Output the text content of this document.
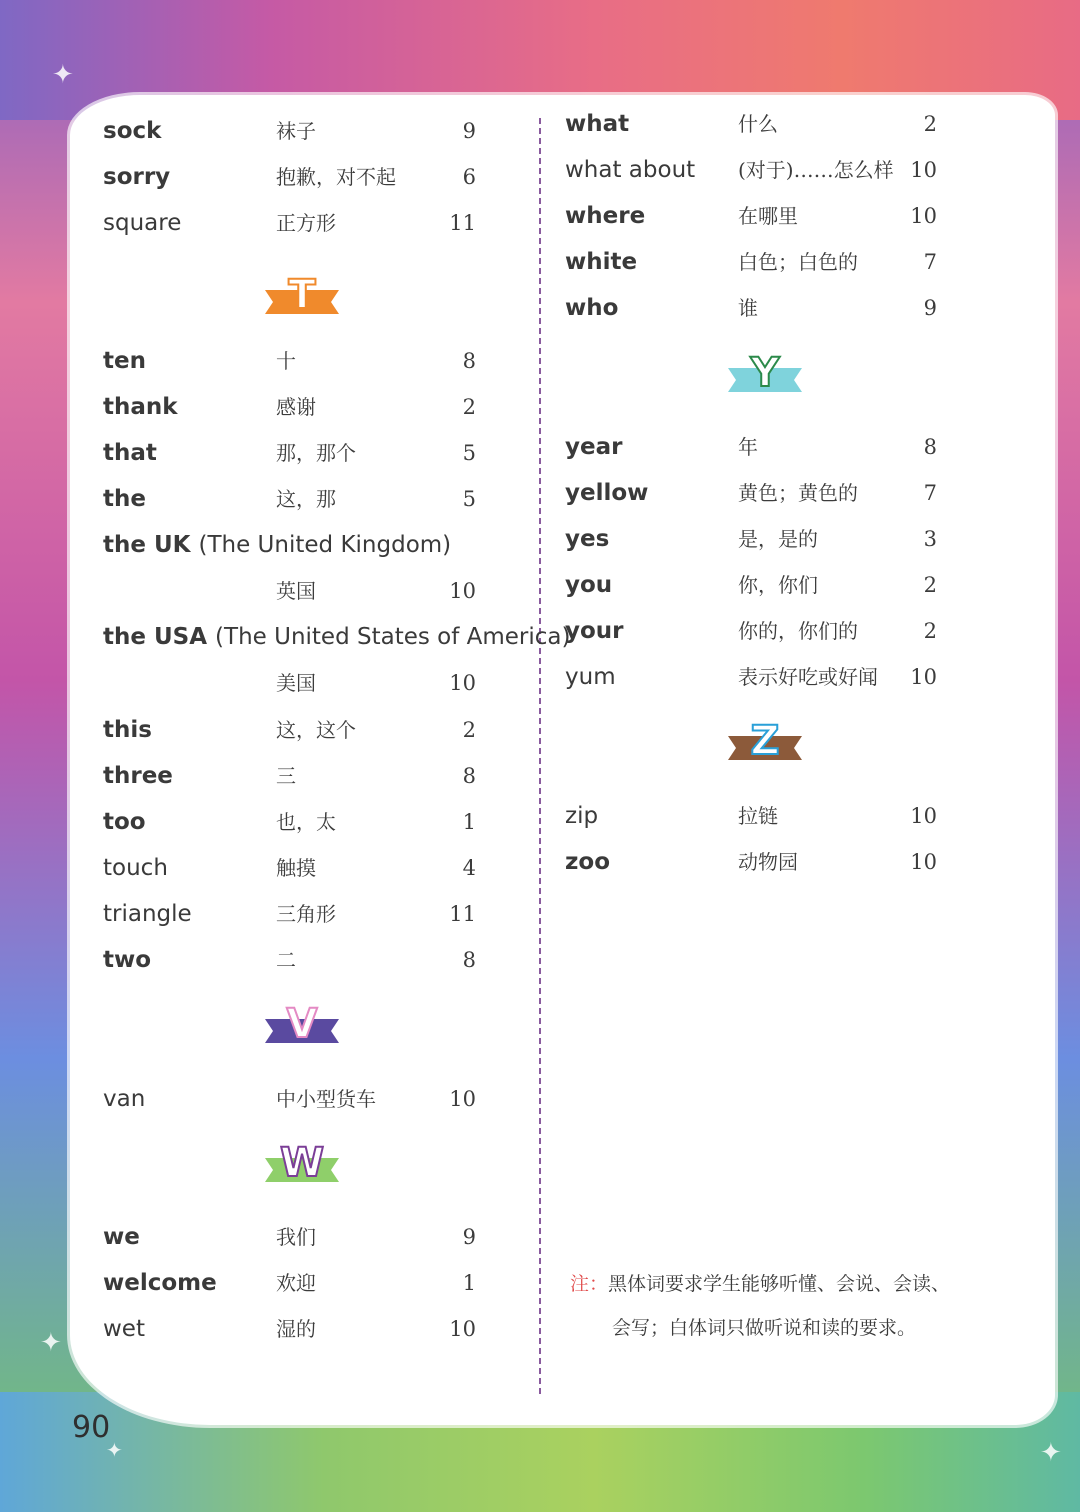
✦
✦
✦
✦
sock	袜子	9
sorry	抱歉，对不起	6
square	正方形	11
T
ten	十	8
thank	感谢	2
that	那，那个	5
the	这，那	5
the UK (The United Kingdom)
英国	10
the USA (The United States of America)
美国	10
this	这，这个	2
three	三	8
too	也，太	1
touch	触摸	4
triangle	三角形	11
two	二	8
V
van	中小型货车	10
W
we	我们	9
welcome	欢迎	1
wet	湿的	10
what	什么	2
what about (对于)……怎么样 10
where	在哪里	10
white	白色；白色的	7
who	谁	9
Y
year	年	8
yellow	黄色；黄色的	7
yes	是，是的	3
you	你，你们	2
your	你的，你们的	2
yum	表示好吃或好闻	10
Z
zip	拉链	10
zoo	动物园	10
注：黑体词要求学生能够听懂、会说、会读、
会写；白体词只做听说和读的要求。
90
